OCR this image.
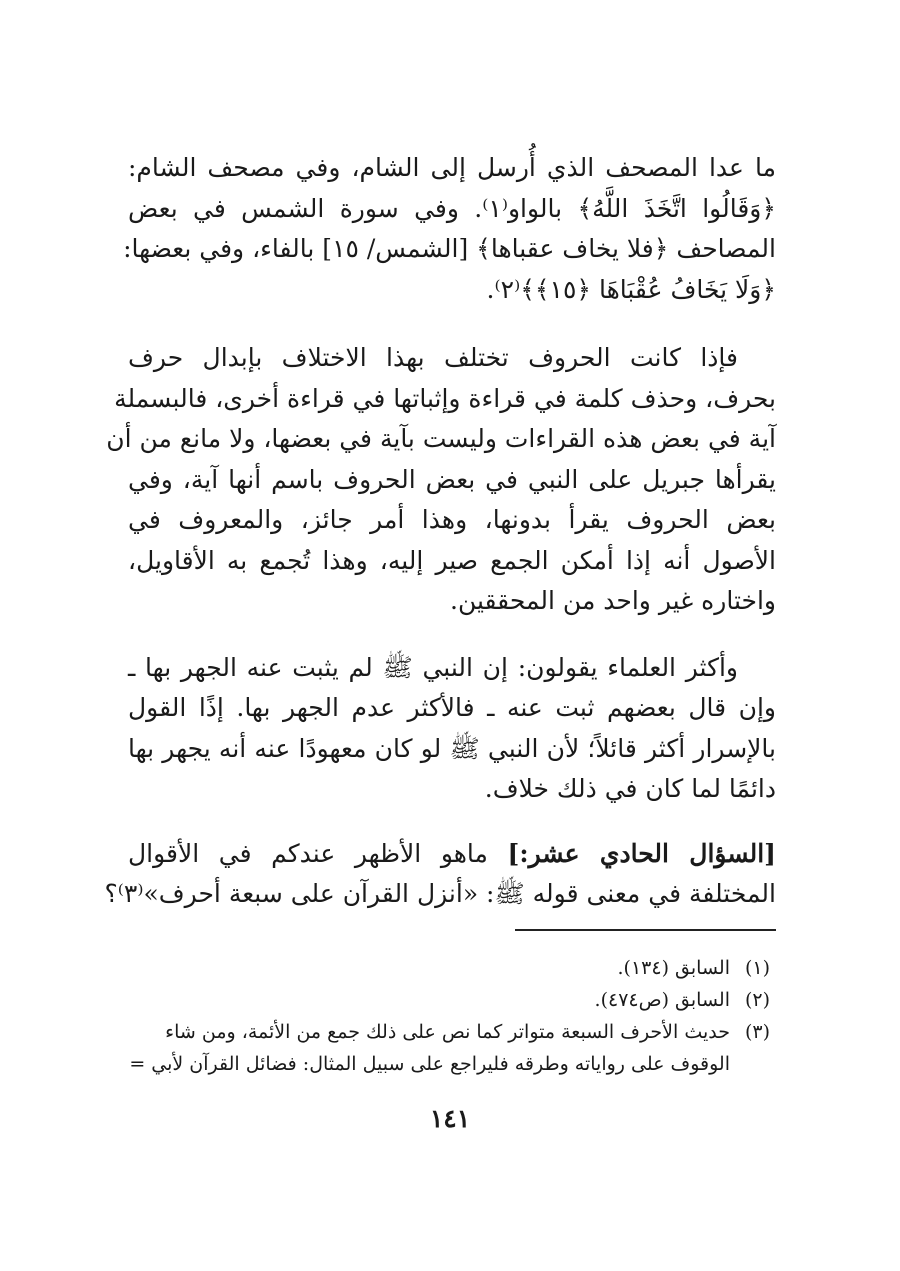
ما عدا المصحف الذي أُرسل إلى الشام، وفي مصحف الشام:
﴿وَقَالُوا اتَّخَذَ اللَّهُ﴾ بالواو⁽١⁾. وفي سورة الشمس في بعض
المصاحف ﴿فلا يخاف عقباها﴾ [الشمس/ ١٥] بالفاء، وفي بعضها:
﴿وَلَا يَخَافُ عُقْبَاهَا ﴿١٥﴾﴾⁽٢⁾.
فإذا كانت الحروف تختلف بهذا الاختلاف بإبدال حرف
بحرف، وحذف كلمة في قراءة وإثباتها في قراءة أخرى، فالبسملة
آية في بعض هذه القراءات وليست بآية في بعضها، ولا مانع من أن
يقرأها جبريل على النبي في بعض الحروف باسم أنها آية، وفي
بعض الحروف يقرأ بدونها، وهذا أمر جائز، والمعروف في
الأصول أنه إذا أمكن الجمع صير إليه، وهذا تُجمع به الأقاويل،
واختاره غير واحد من المحققين.
وأكثر العلماء يقولون: إن النبي ﷺ لم يثبت عنه الجهر بها ـ
وإن قال بعضهم ثبت عنه ـ فالأكثر عدم الجهر بها. إذًا القول
بالإسرار أكثر قائلاً؛ لأن النبي ﷺ لو كان معهودًا عنه أنه يجهر بها
دائمًا لما كان في ذلك خلاف.
[السؤال الحادي عشر:] ماهو الأظهر عندكم في الأقوال
المختلفة في معنى قوله ﷺ: «أنزل القرآن على سبعة أحرف»⁽٣⁾؟
(١)
السابق (١٣٤).
(٢)
السابق (ص٤٧٤).
(٣)
حديث الأحرف السبعة متواتر كما نص على ذلك جمع من الأئمة، ومن شاء
الوقوف على رواياته وطرقه فليراجع على سبيل المثال: فضائل القرآن لأبي =
١٤١
